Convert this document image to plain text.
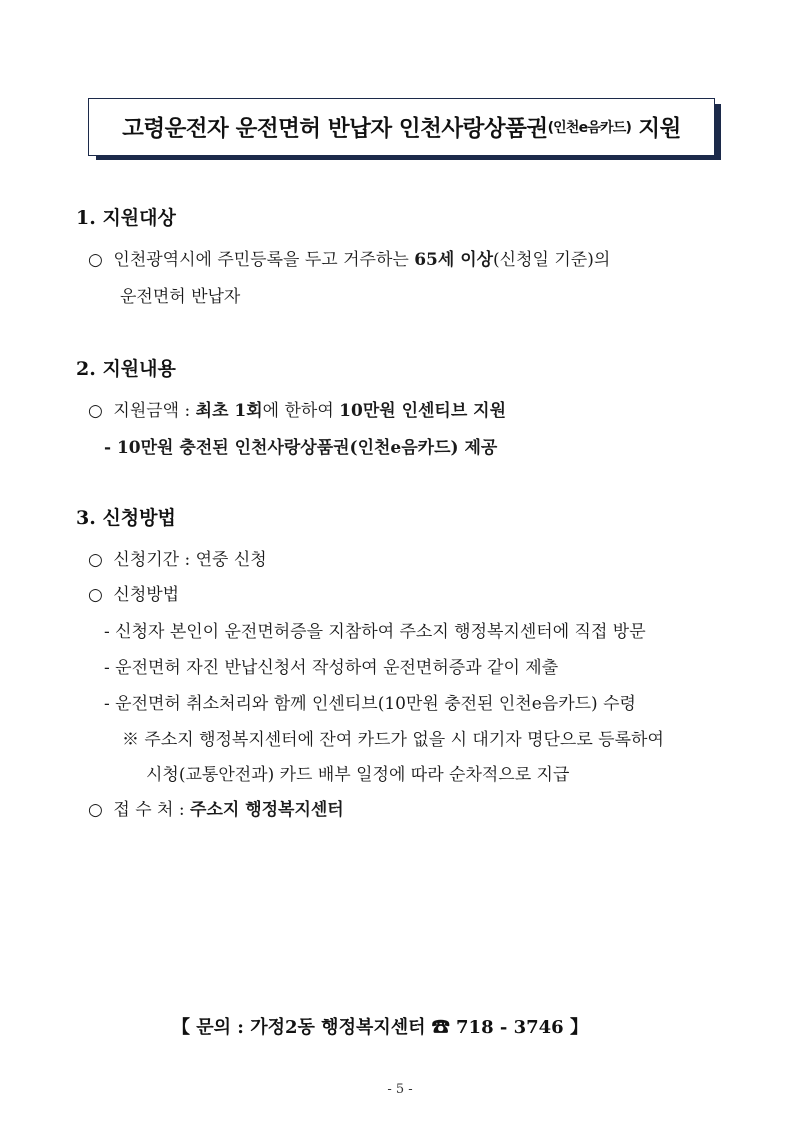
고령운전자 운전면허 반납자 인천사랑상품권 (인천e음카드)
지원
1. 지원대상
○ 인천광역시에 주민등록을 두고 거주하는 65세 이상(신청일 기준)의
운전면허 반납자
2. 지원내용
○ 지원금액 : 최초 1회에 한하여 10만원 인센티브 지원
- 10만원 충전된 인천사랑상품권(인천e음카드) 제공
3. 신청방법
○ 신청기간 : 연중 신청
○ 신청방법
- 신청자 본인이 운전면허증을 지참하여 주소지 행정복지센터에 직접 방문
- 운전면허 자진 반납신청서 작성하여 운전면허증과 같이 제출
- 운전면허 취소처리와 함께 인센티브(10만원 충전된 인천e음카드) 수령
※ 주소지 행정복지센터에 잔여 카드가 없을 시 대기자 명단으로 등록하여
시청(교통안전과) 카드 배부 일정에 따라 순차적으로 지급
○ 접 수 처 : 주소지 행정복지센터
【 문의 : 가정2동 행정복지센터 ☎ 718 - 3746 】
- 5 -
